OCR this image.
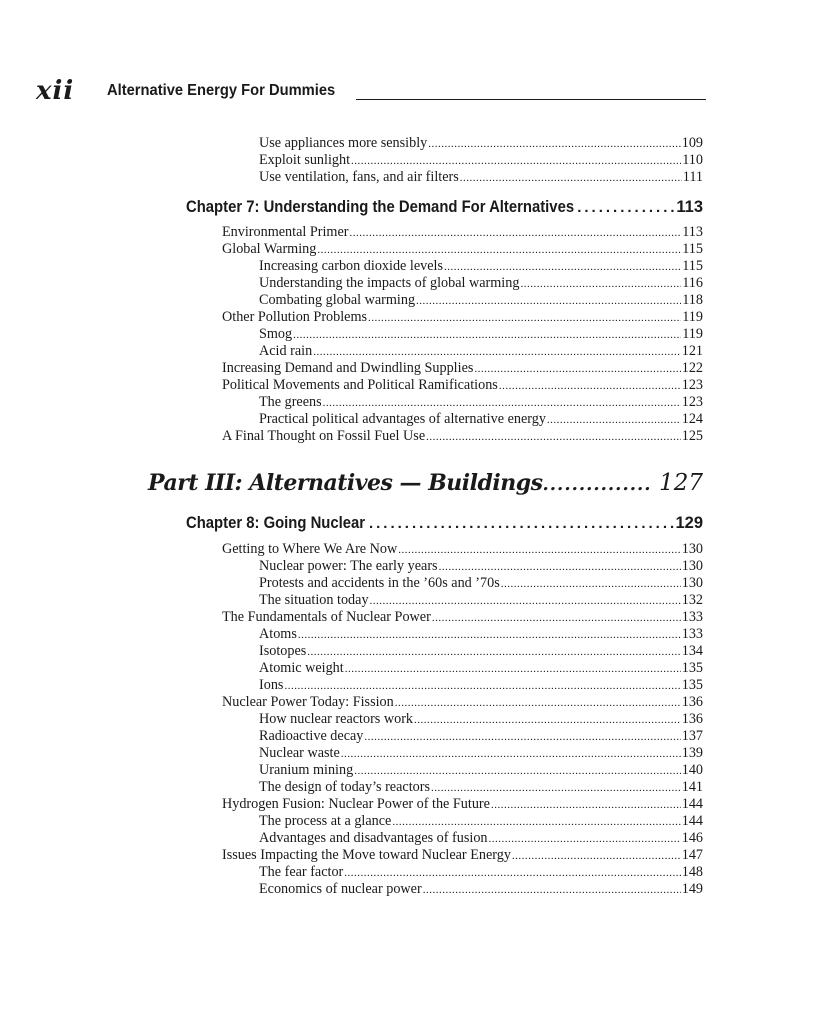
xii Alternative Energy For Dummies
Use appliances more sensibly .....	109
Exploit sunlight .....	110
Use ventilation, fans, and air filters .....	111
Chapter 7: Understanding the Demand For Alternatives .....	113
Environmental Primer .....	113
Global Warming .....	115
Increasing carbon dioxide levels .....	115
Understanding the impacts of global warming .....	116
Combating global warming .....	118
Other Pollution Problems .....	119
Smog .....	119
Acid rain .....	121
Increasing Demand and Dwindling Supplies .....	122
Political Movements and Political Ramifications .....	123
The greens .....	123
Practical political advantages of alternative energy .....	124
A Final Thought on Fossil Fuel Use .....	125
Part III: Alternatives — Buildings .....	127
Chapter 8: Going Nuclear .....	129
Getting to Where We Are Now .....	130
Nuclear power: The early years .....	130
Protests and accidents in the ’60s and ’70s .....	130
The situation today .....	132
The Fundamentals of Nuclear Power .....	133
Atoms .....	133
Isotopes .....	134
Atomic weight .....	135
Ions .....	135
Nuclear Power Today: Fission .....	136
How nuclear reactors work .....	136
Radioactive decay .....	137
Nuclear waste .....	139
Uranium mining .....	140
The design of today’s reactors .....	141
Hydrogen Fusion: Nuclear Power of the Future .....	144
The process at a glance .....	144
Advantages and disadvantages of fusion .....	146
Issues Impacting the Move toward Nuclear Energy .....	147
The fear factor .....	148
Economics of nuclear power .....	149
